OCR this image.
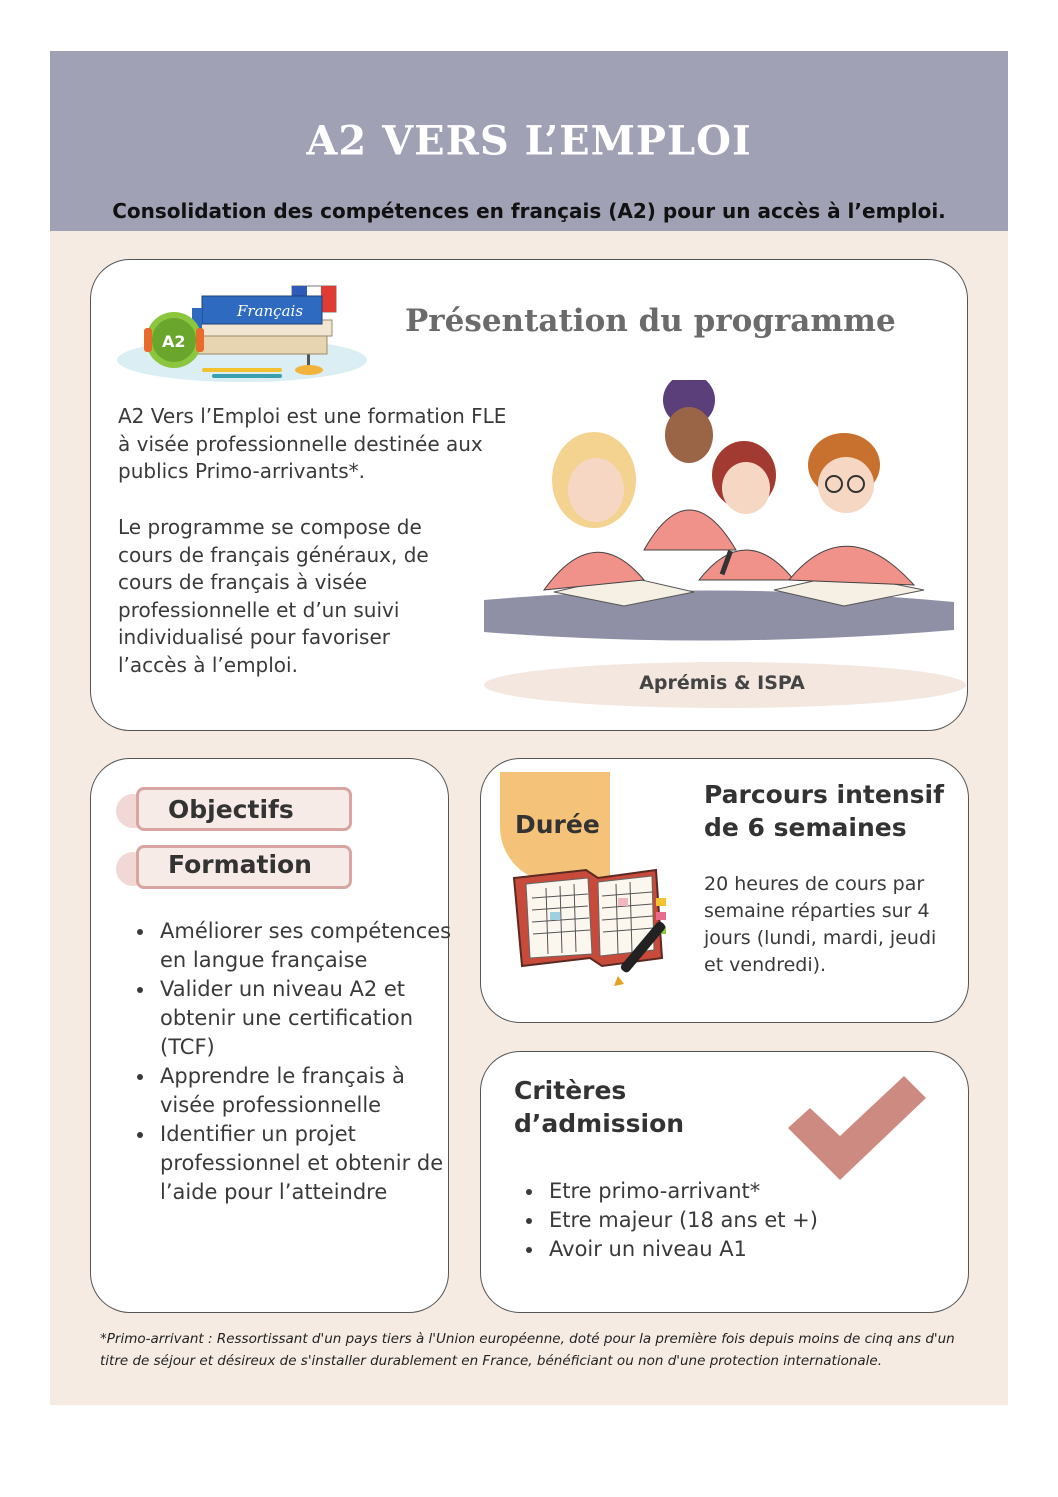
A2 VERS L’EMPLOI

Consolidation des compétences en français (A2) pour un accès à l’emploi.

Français
A2
Présentation du programme

A2 Vers l’Emploi est une formation FLE à visée professionnelle destinée aux publics Primo-arrivants*.

Le programme se compose de cours de français généraux, de cours de français à visée professionnelle et d’un suivi individualisé pour favoriser l’accès à l’emploi.

Aprémis & ISPA

Objectifs
Formation
• Améliorer ses compétences en langue française
• Valider un niveau A2 et obtenir une certification (TCF)
• Apprendre le français à visée professionnelle
• Identifier un projet professionnel et obtenir de l’aide pour l’atteindre
Durée
Parcours intensif de 6 semaines

20 heures de cours par semaine réparties sur 4 jours (lundi, mardi, jeudi et vendredi).

Critères d’admission
• Etre primo-arrivant*
• Etre majeur (18 ans et +)
• Avoir un niveau A1

*Primo-arrivant : Ressortissant d'un pays tiers à l'Union européenne, doté pour la première fois depuis moins de cinq ans d'un titre de séjour et désireux de s'installer durablement en France, bénéficiant ou non d'une protection internationale.
